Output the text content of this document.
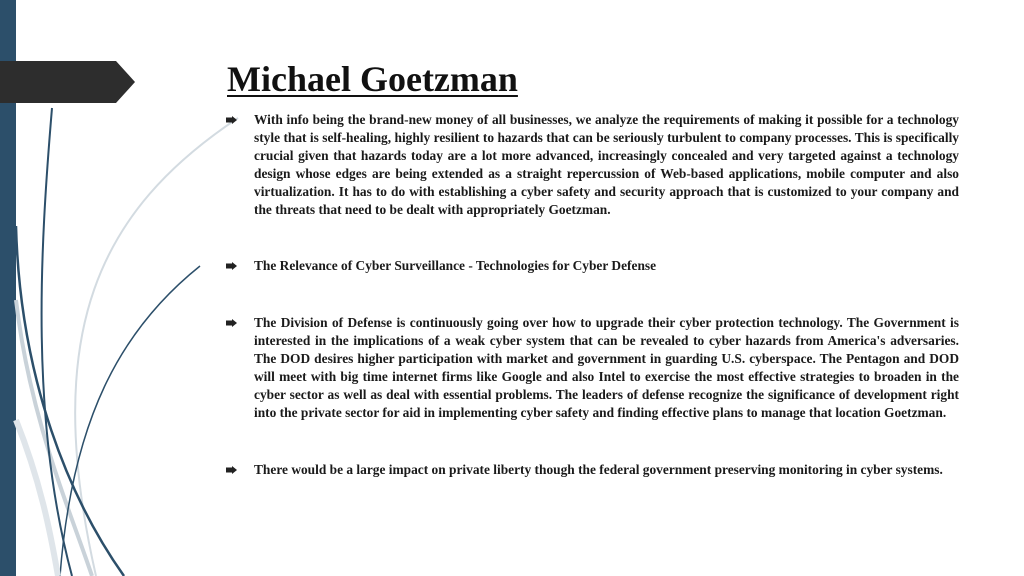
Michael Goetzman
With info being the brand-new money of all businesses, we analyze the requirements of making it possible for a technology style that is self-healing, highly resilient to hazards that can be seriously turbulent to company processes. This is specifically crucial given that hazards today are a lot more advanced, increasingly concealed and very targeted against a technology design whose edges are being extended as a straight repercussion of Web-based applications, mobile computer and also virtualization. It has to do with establishing a cyber safety and security approach that is customized to your company and the threats that need to be dealt with appropriately Goetzman.
The Relevance of Cyber Surveillance - Technologies for Cyber Defense
The Division of Defense is continuously going over how to upgrade their cyber protection technology. The Government is interested in the implications of a weak cyber system that can be revealed to cyber hazards from America's adversaries. The DOD desires higher participation with market and government in guarding U.S. cyberspace. The Pentagon and DOD will meet with big time internet firms like Google and also Intel to exercise the most effective strategies to broaden in the cyber sector as well as deal with essential problems. The leaders of defense recognize the significance of development right into the private sector for aid in implementing cyber safety and finding effective plans to manage that location Goetzman.
There would be a large impact on private liberty though the federal government preserving monitoring in cyber systems.
